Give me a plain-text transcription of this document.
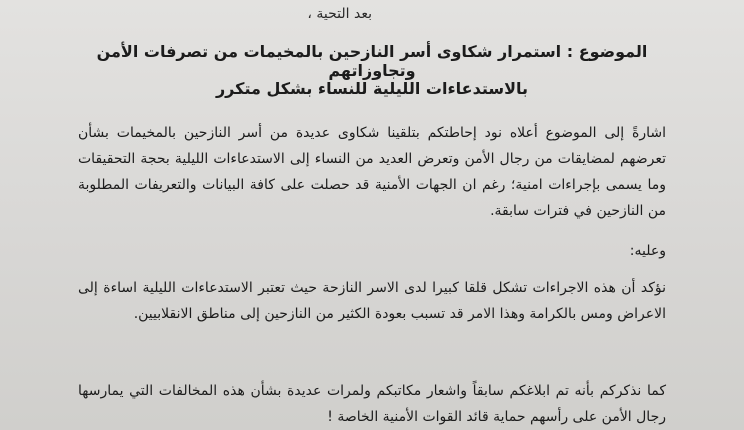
بعد التحية ،
الموضوع : استمرار شكاوى أسر النازحين بالمخيمات من تصرفات الأمن وتجاوزاتهم
بالاستدعاءات الليلية للنساء بشكل متكرر
اشارةً إلى الموضوع أعلاه نود إحاطتكم بتلقينا شكاوى عديدة من أسر النازحين بالمخيمات بشأن تعرضهم لمضايقات من رجال الأمن وتعرض العديد من النساء إلى الاستدعاءات الليلية بحجة التحقيقات وما يسمى بإجراءات امنية؛ رغم ان الجهات الأمنية قد حصلت على كافة البيانات والتعريفات المطلوبة من النازحين في فترات سابقة.
وعليه:
نؤكد أن هذه الاجراءات تشكل قلقا كبيرا لدى الاسر النازحة حيث تعتبر الاستدعاءات الليلية اساءة إلى الاعراض ومس بالكرامة وهذا الامر قد تسبب بعودة الكثير من النازحين إلى مناطق الانقلابيين.
كما نذكركم بأنه تم ابلاغكم سابقاً واشعار مكاتبكم ولمرات عديدة بشأن هذه المخالفات التي يمارسها رجال الأمن على رأسهم حماية قائد القوات الأمنية الخاصة !
